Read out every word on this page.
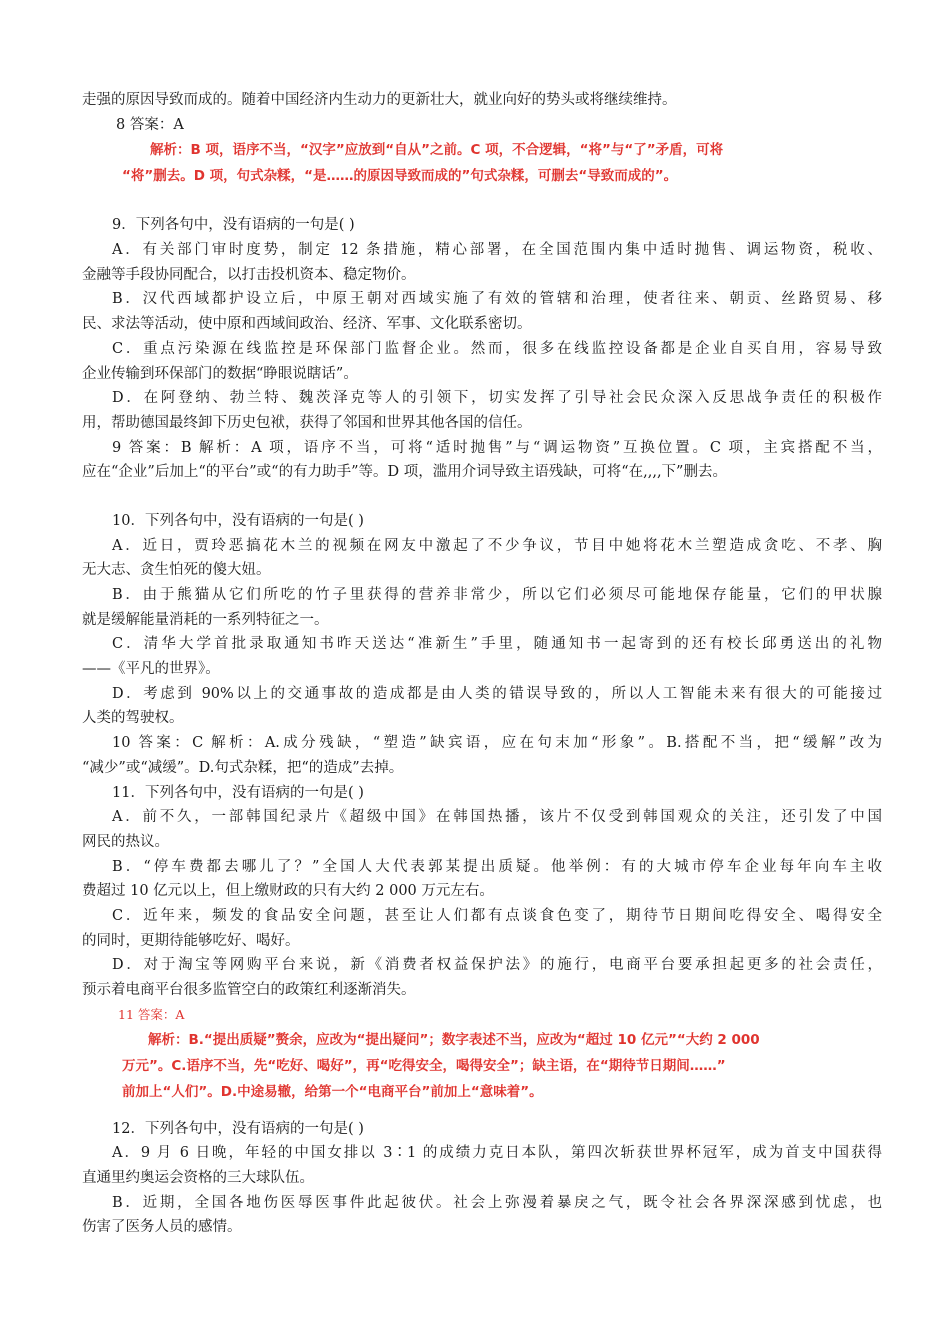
走强的原因导致而成的。随着中国经济内生动力的更新壮大，就业向好的势头或将继续维持。
8 答案：A
解析：B 项，语序不当，“汉字”应放到“自从”之前。C 项，不合逻辑，“将”与“了”矛盾，可将
“将”删去。D 项，句式杂糅，“是……的原因导致而成的”句式杂糅，可删去“导致而成的”。
9．下列各句中，没有语病的一句是( )
A．有关部门审时度势，制定 12 条措施，精心部署，在全国范围内集中适时抛售、调运物资，税收、
金融等手段协同配合，以打击投机资本、稳定物价。
B．汉代西域都护设立后，中原王朝对西域实施了有效的管辖和治理，使者往来、朝贡、丝路贸易、移
民、求法等活动，使中原和西域间政治、经济、军事、文化联系密切。
C．重点污染源在线监控是环保部门监督企业。然而，很多在线监控设备都是企业自买自用，容易导致
企业传输到环保部门的数据“睁眼说瞎话”。
D．在阿登纳、勃兰特、魏茨泽克等人的引领下，切实发挥了引导社会民众深入反思战争责任的积极作
用，帮助德国最终卸下历史包袱，获得了邻国和世界其他各国的信任。
9 答案：B 解析：A 项，语序不当，可将“适时抛售”与“调运物资”互换位置。C 项，主宾搭配不当，
应在“企业”后加上“的平台”或“的有力助手”等。D 项，滥用介词导致主语残缺，可将“在,,,,下”删去。
10．下列各句中，没有语病的一句是( )
A．近日，贾玲恶搞花木兰的视频在网友中激起了不少争议，节目中她将花木兰塑造成贪吃、不孝、胸
无大志、贪生怕死的傻大妞。
B．由于熊猫从它们所吃的竹子里获得的营养非常少，所以它们必须尽可能地保存能量，它们的甲状腺
就是缓解能量消耗的一系列特征之一。
C．清华大学首批录取通知书昨天送达“准新生”手里，随通知书一起寄到的还有校长邱勇送出的礼物
——《平凡的世界》。
D．考虑到 90%以上的交通事故的造成都是由人类的错误导致的，所以人工智能未来有很大的可能接过
人类的驾驶权。
10 答案：C 解析：A.成分残缺，“塑造”缺宾语，应在句末加“形象”。B.搭配不当，把“缓解”改为
“减少”或“减缓”。D.句式杂糅，把“的造成”去掉。
11．下列各句中，没有语病的一句是( )
A．前不久，一部韩国纪录片《超级中国》在韩国热播，该片不仅受到韩国观众的关注，还引发了中国
网民的热议。
B．“停车费都去哪儿了？”全国人大代表郭某提出质疑。他举例：有的大城市停车企业每年向车主收
费超过 10 亿元以上，但上缴财政的只有大约 2 000 万元左右。
C．近年来，频发的食品安全问题，甚至让人们都有点谈食色变了，期待节日期间吃得安全、喝得安全
的同时，更期待能够吃好、喝好。
D．对于淘宝等网购平台来说，新《消费者权益保护法》的施行，电商平台要承担起更多的社会责任，
预示着电商平台很多监管空白的政策红利逐渐消失。
11 答案：A
解析：B.“提出质疑”赘余，应改为“提出疑问”；数字表述不当，应改为“超过 10 亿元”“大约 2 000
万元”。C.语序不当，先“吃好、喝好”，再“吃得安全，喝得安全”；缺主语，在“期待节日期间……”
前加上“人们”。D.中途易辙，给第一个“电商平台”前加上“意味着”。
12．下列各句中，没有语病的一句是( )
A．9 月 6 日晚，年轻的中国女排以 3∶1 的成绩力克日本队，第四次斩获世界杯冠军，成为首支中国获得
直通里约奥运会资格的三大球队伍。
B．近期，全国各地伤医辱医事件此起彼伏。社会上弥漫着暴戾之气，既令社会各界深深感到忧虑，也
伤害了医务人员的感情。
